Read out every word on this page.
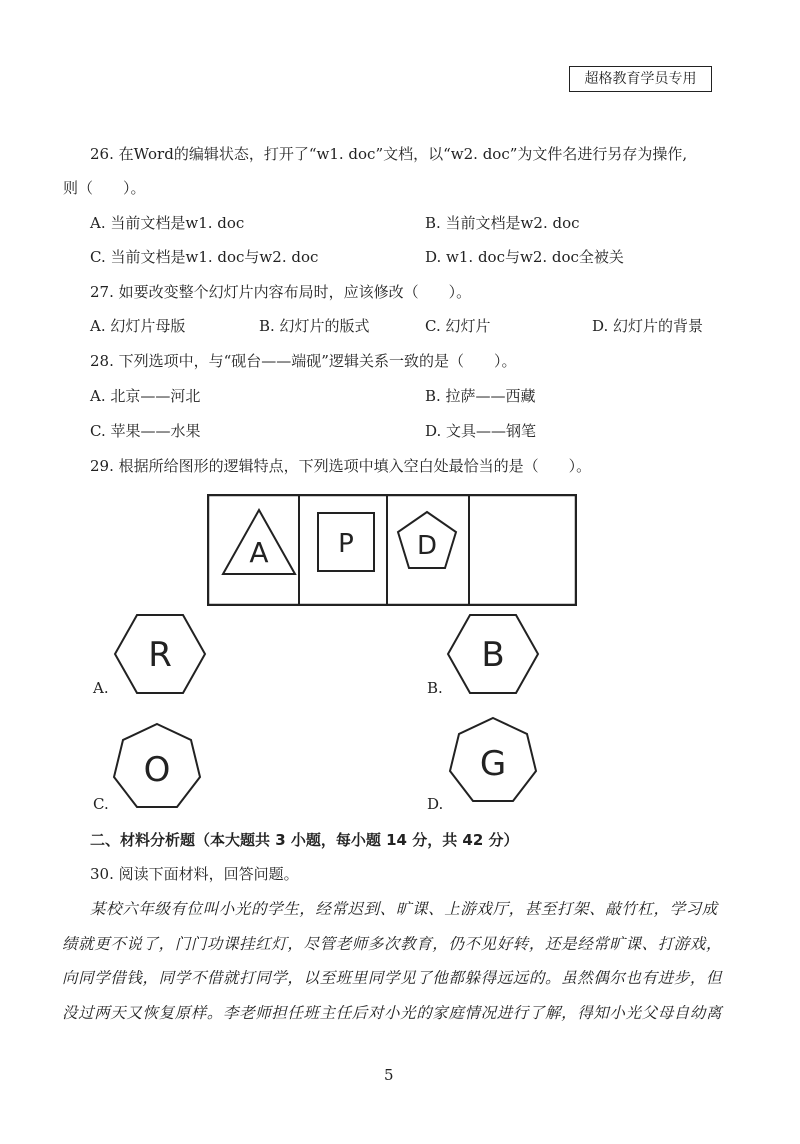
超格教育学员专用
26. 在Word的编辑状态，打开了“w1. doc”文档，以“w2. doc”为文件名进行另存为操作,
则（　　）。
A. 当前文档是w1. doc	B. 当前文档是w2. doc
C. 当前文档是w1. doc与w2. doc	D. w1. doc与w2. doc全被关
27. 如要改变整个幻灯片内容布局时，应该修改（　　）。
A. 幻灯片母版	B. 幻灯片的版式	C. 幻灯片	D. 幻灯片的背景
28. 下列选项中，与“砚台——端砚”逻辑关系一致的是（　　）。
A. 北京——河北	B. 拉萨——西藏
C. 苹果——水果	D. 文具——钢笔
29. 根据所给图形的逻辑特点，下列选项中填入空白处最恰当的是（　　）。
A	P D
A.
R
B.
B
C.
O
D.
G
二、材料分析题（本大题共 3 小题，每小题 14 分，共 42 分）
30. 阅读下面材料，回答问题。
某校六年级有位叫小光的学生，经常迟到、旷课、上游戏厅，甚至打架、敲竹杠，学习成
绩就更不说了，门门功课挂红灯，尽管老师多次教育，仍不见好转，还是经常旷课、打游戏，
向同学借钱，同学不借就打同学，以至班里同学见了他都躲得远远的。虽然偶尔也有进步，但
没过两天又恢复原样。李老师担任班主任后对小光的家庭情况进行了解，得知小光父母自幼离
5
